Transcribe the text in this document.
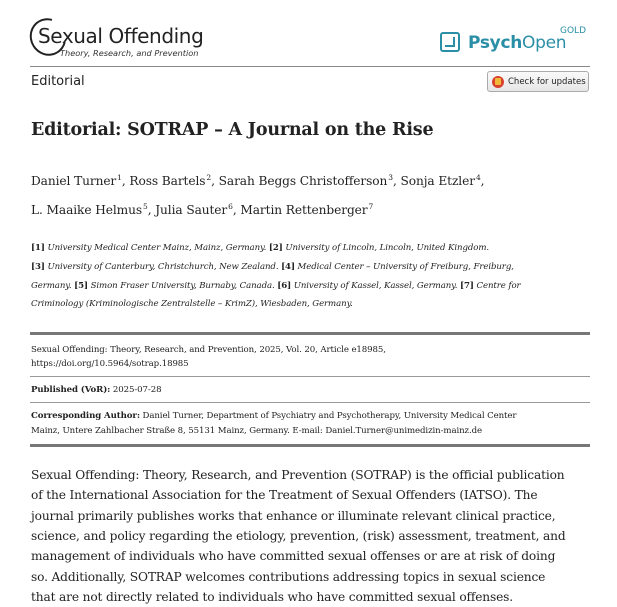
Sexual Offending
Theory, Research, and Prevention	PsychOpen
GOLD
Editorial	Check for updates
Editorial: SOTRAP – A Journal on the Rise
Daniel Turner$^1$, Ross Bartels$^2$, Sarah Beggs Christofferson$^3$, Sonja Etzler$^4$,
L. Maaike Helmus$^5$, Julia Sauter$^6$, Martin Rettenberger$^7$
[1] University Medical Center Mainz, Mainz, Germany. [2] University of Lincoln, Lincoln, United Kingdom.
[3] University of Canterbury, Christchurch, New Zealand. [4] Medical Center – University of Freiburg, Freiburg,
Germany. [5] Simon Fraser University, Burnaby, Canada. [6] University of Kassel, Kassel, Germany. [7] Centre for
Criminology (Kriminologische Zentralstelle – KrimZ), Wiesbaden, Germany.
Sexual Offending: Theory, Research, and Prevention, 2025, Vol. 20, Article e18985,
https://doi.org/10.5964/sotrap.18985
Published (VoR): 2025-07-28
Corresponding Author: Daniel Turner, Department of Psychiatry and Psychotherapy, University Medical Center
Mainz, Untere Zahlbacher Straße 8, 55131 Mainz, Germany. E-mail: Daniel.Turner@unimedizin-mainz.de
Sexual Offending: Theory, Research, and Prevention (SOTRAP) is the official publication
of the International Association for the Treatment of Sexual Offenders (IATSO). The
journal primarily publishes works that enhance or illuminate relevant clinical practice,
science, and policy regarding the etiology, prevention, (risk) assessment, treatment, and
management of individuals who have committed sexual offenses or are at risk of doing
so. Additionally, SOTRAP welcomes contributions addressing topics in sexual science
that are not directly related to individuals who have committed sexual offenses.
